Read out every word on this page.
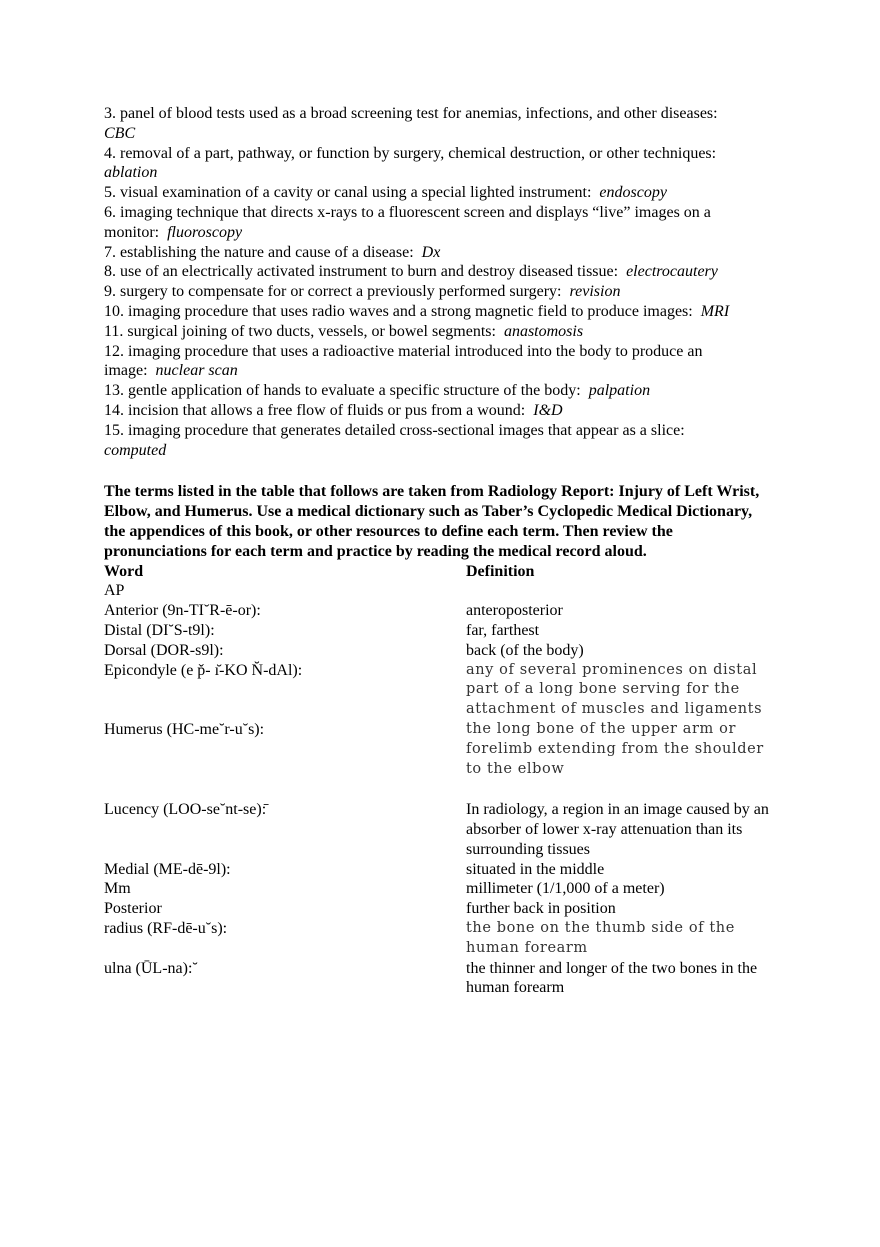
3. panel of blood tests used as a broad screening test for anemias, infections, and other diseases:
CBC
4. removal of a part, pathway, or function by surgery, chemical destruction, or other techniques:
ablation
5. visual examination of a cavity or canal using a special lighted instrument: endoscopy
6. imaging technique that directs x-rays to a fluorescent screen and displays “live” images on a monitor: fluoroscopy
7. establishing the nature and cause of a disease: Dx
8. use of an electrically activated instrument to burn and destroy diseased tissue: electrocautery
9. surgery to compensate for or correct a previously performed surgery: revision
10. imaging procedure that uses radio waves and a strong magnetic field to produce images: MRI
11. surgical joining of two ducts, vessels, or bowel segments: anastomosis
12. imaging procedure that uses a radioactive material introduced into the body to produce an image: nuclear scan
13. gentle application of hands to evaluate a specific structure of the body: palpation
14. incision that allows a free flow of fluids or pus from a wound: I&D
15. imaging procedure that generates detailed cross-sectional images that appear as a slice:
computed
The terms listed in the table that follows are taken from Radiology Report: Injury of Left Wrist, Elbow, and Humerus. Use a medical dictionary such as Taber’s Cyclopedic Medical Dictionary, the appendices of this book, or other resources to define each term. Then review the pronunciations for each term and practice by reading the medical record aloud.
Word	Definition
AP
Anterior (9n-TI˘R-ē-or):	anteroposterior
Distal (DI˘S-t9l):	far, farthest
Dorsal (DOR-s9l):	back (of the body)
Epicondyle (e p̌- ı̆-KO N̆-dAl):	any of several prominences on distal part of a long bone serving for the attachment of muscles and ligaments
Humerus (HC-me˘r-u˘s):	the long bone of the upper arm or forelimb extending from the shoulder to the elbow
Lucency (LOO-se˘nt-se):̄	In radiology, a region in an image caused by an absorber of lower x-ray attenuation than its surrounding tissues
Medial (ME-dē-9l):	situated in the middle
Mm	millimeter (1/1,000 of a meter)
Posterior	further back in position
radius (RF-dē-u˘s):	the bone on the thumb side of the human forearm
ulna (ŪL-na):˘	the thinner and longer of the two bones in the human forearm
